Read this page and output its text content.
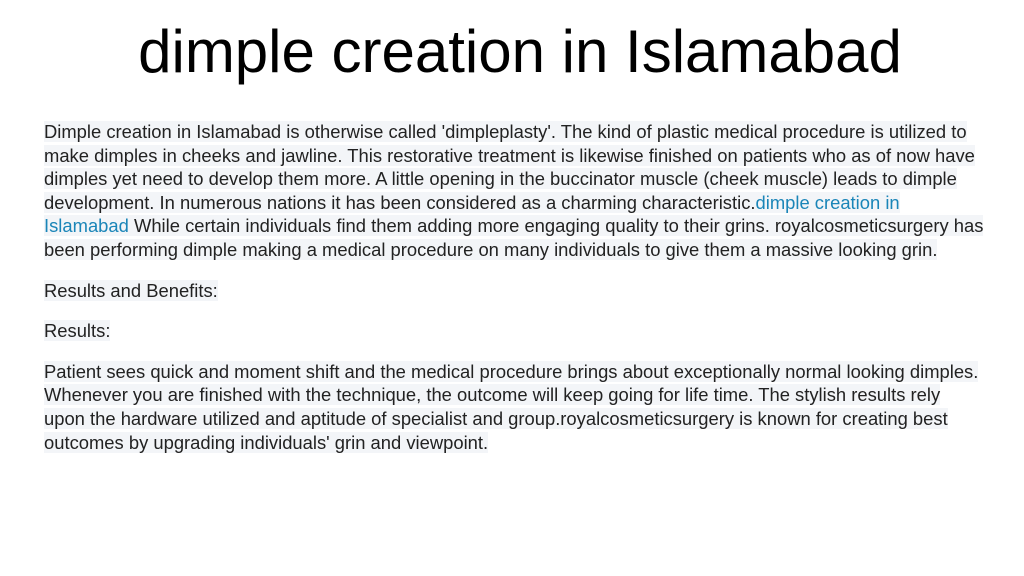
dimple creation in Islamabad

Dimple creation in Islamabad is otherwise called 'dimpleplasty'. The kind of plastic medical procedure is utilized to make dimples in cheeks and jawline. This restorative treatment is likewise finished on patients who as of now have dimples yet need to develop them more. A little opening in the buccinator muscle (cheek muscle) leads to dimple development. In numerous nations it has been considered as a charming characteristic.dimple creation in Islamabad While certain individuals find them adding more engaging quality to their grins. royalcosmeticsurgery has been performing dimple making a medical procedure on many individuals to give them a massive looking grin.

Results and Benefits:

Results:

Patient sees quick and moment shift and the medical procedure brings about exceptionally normal looking dimples. Whenever you are finished with the technique, the outcome will keep going for life time. The stylish results rely upon the hardware utilized and aptitude of specialist and group.royalcosmeticsurgery is known for creating best outcomes by upgrading individuals' grin and viewpoint.
